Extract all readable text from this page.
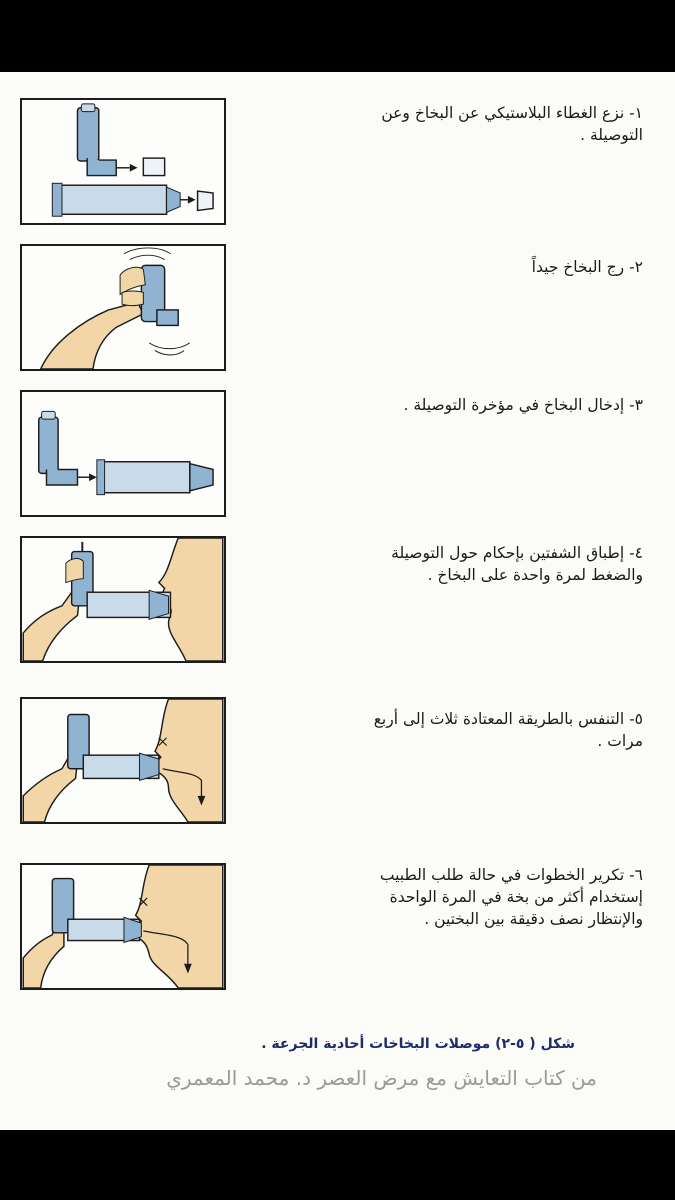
١- نزع الغطاء البلاستيكي عن البخاخ وعن
التوصيلة .
٢- رج البخاخ جيداً
٣- إدخال البخاخ في مؤخرة التوصيلة .
٤- إطباق الشفتين بإحكام حول التوصيلة
والضغط لمرة واحدة على البخاخ .
٥- التنفس بالطريقة المعتادة ثلاث إلى أربع
مرات .
٦- تكرير الخطوات في حالة طلب الطبيب
إستخدام أكثر من بخة في المرة الواحدة
والإنتظار نصف دقيقة بين البختين .
شكل ( ٥-٢) موصلات البخاخات أحادية الجرعة .
من كتاب التعايش مع مرض العصر د. محمد المعمري
